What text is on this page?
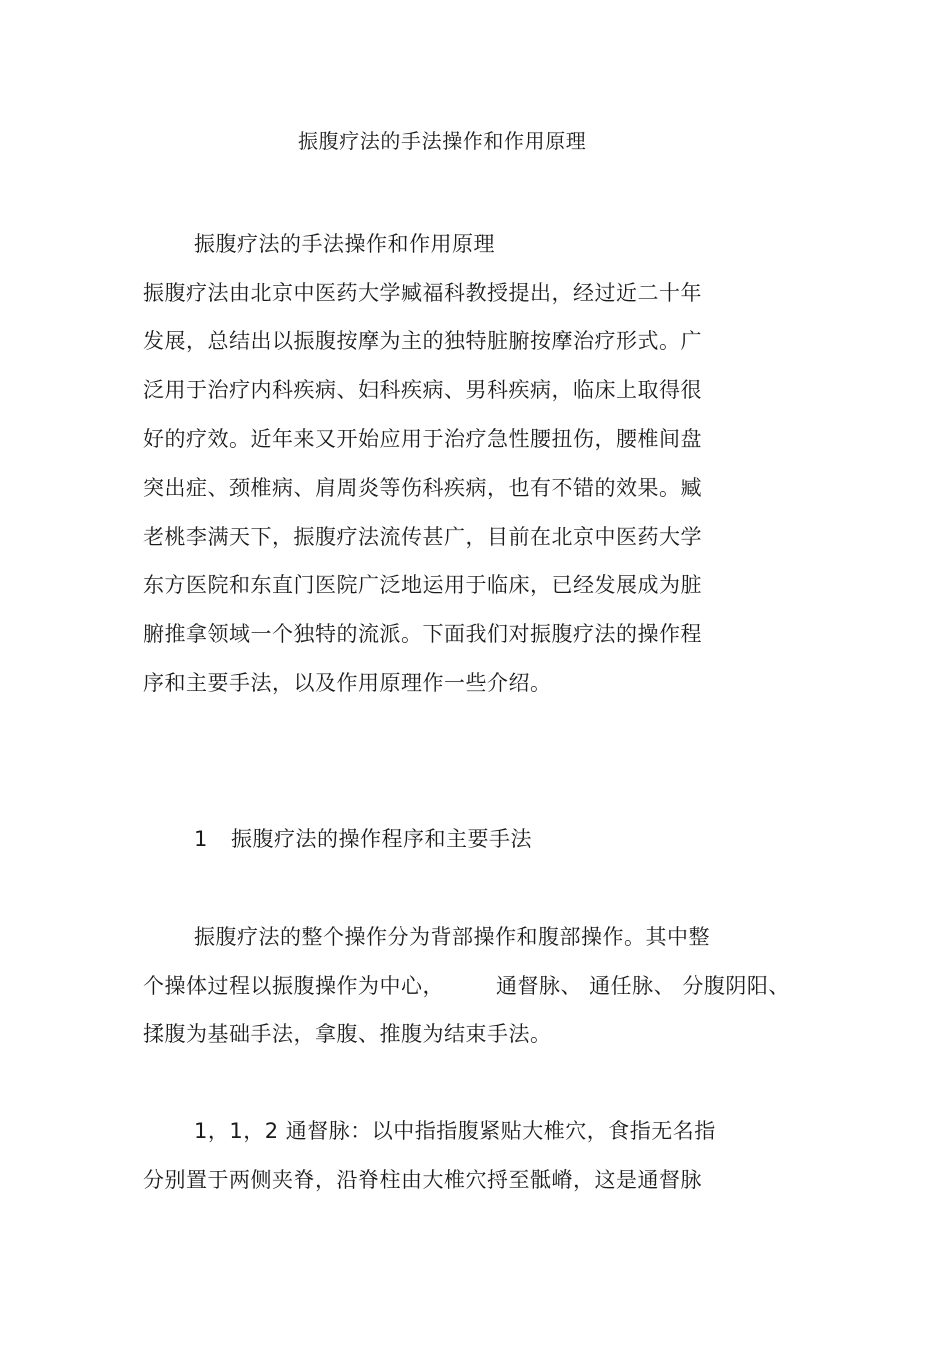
振腹疗法的手法操作和作用原理
振腹疗法的手法操作和作用原理
振腹疗法由北京中医药大学臧福科教授提出，经过近二十年
发展，总结出以振腹按摩为主的独特脏腑按摩治疗形式。广
泛用于治疗内科疾病、妇科疾病、男科疾病，临床上取得很
好的疗效。近年来又开始应用于治疗急性腰扭伤，腰椎间盘
突出症、颈椎病、肩周炎等伤科疾病，也有不错的效果。臧
老桃李满天下，振腹疗法流传甚广，目前在北京中医药大学
东方医院和东直门医院广泛地运用于临床，已经发展成为脏
腑推拿领域一个独特的流派。下面我们对振腹疗法的操作程
序和主要手法，以及作用原理作一些介绍。
1 振腹疗法的操作程序和主要手法
振腹疗法的整个操作分为背部操作和腹部操作。其中整
个操体过程以振腹操作为中心， 通督脉、 通任脉、 分腹阴阳、
揉腹为基础手法，拿腹、推腹为结束手法。
1，1，2 通督脉：以中指指腹紧贴大椎穴，食指无名指
分别置于两侧夹脊，沿脊柱由大椎穴捋至骶嵴，这是通督脉
